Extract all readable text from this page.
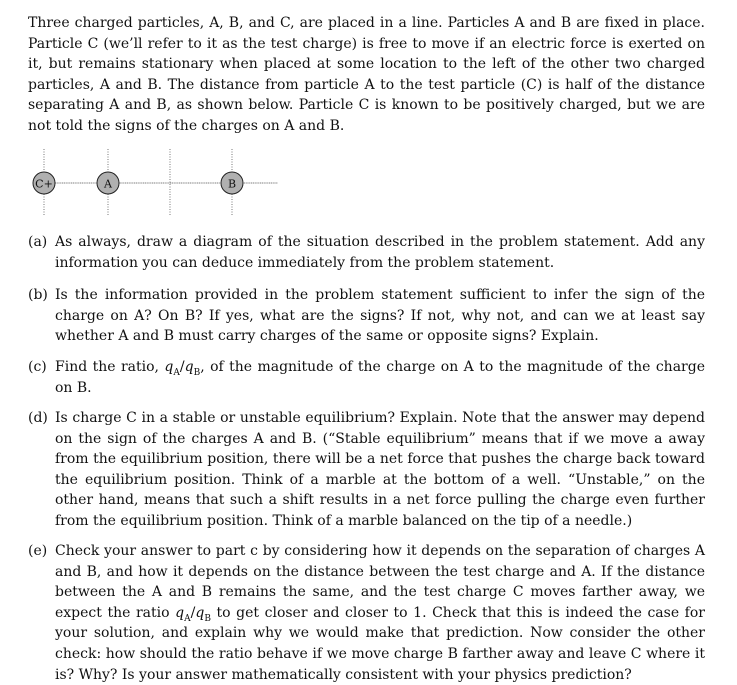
Three charged particles, A, B, and C, are placed in a line. Particles A and B are fixed in place. Particle C (we’ll refer to it as the test charge) is free to move if an electric force is exerted on it, but remains stationary when placed at some location to the left of the other two charged particles, A and B. The distance from particle A to the test particle (C) is half of the distance separating A and B, as shown below. Particle C is known to be positively charged, but we are not told the signs of the charges on A and B.

C+	A	B
(a) As always, draw a diagram of the situation described in the problem statement. Add any information you can deduce immediately from the problem statement.
(b) Is the information provided in the problem statement sufficient to infer the sign of the charge on A? On B? If yes, what are the signs? If not, why not, and can we at least say whether A and B must carry charges of the same or opposite signs? Explain.
(c) Find the ratio, $q_A/q_B$, of the magnitude of the charge on A to the magnitude of the charge on B.
(d) Is charge C in a stable or unstable equilibrium? Explain. Note that the answer may depend on the sign of the charges A and B. (“Stable equilibrium” means that if we move a away from the equilibrium position, there will be a net force that pushes the charge back toward the equilibrium position. Think of a marble at the bottom of a well. “Unstable,” on the other hand, means that such a shift results in a net force pulling the charge even further from the equilibrium position. Think of a marble balanced on the tip of a needle.)
(e) Check your answer to part c by considering how it depends on the separation of charges A and B, and how it depends on the distance between the test charge and A. If the distance between the A and B remains the same, and the test charge C moves farther away, we expect the ratio $q_A/q_B$ to get closer and closer to 1. Check that this is indeed the case for your solution, and explain why we would make that prediction. Now consider the other check: how should the ratio behave if we move charge B farther away and leave C where it is? Why? Is your answer mathematically consistent with your physics prediction?
